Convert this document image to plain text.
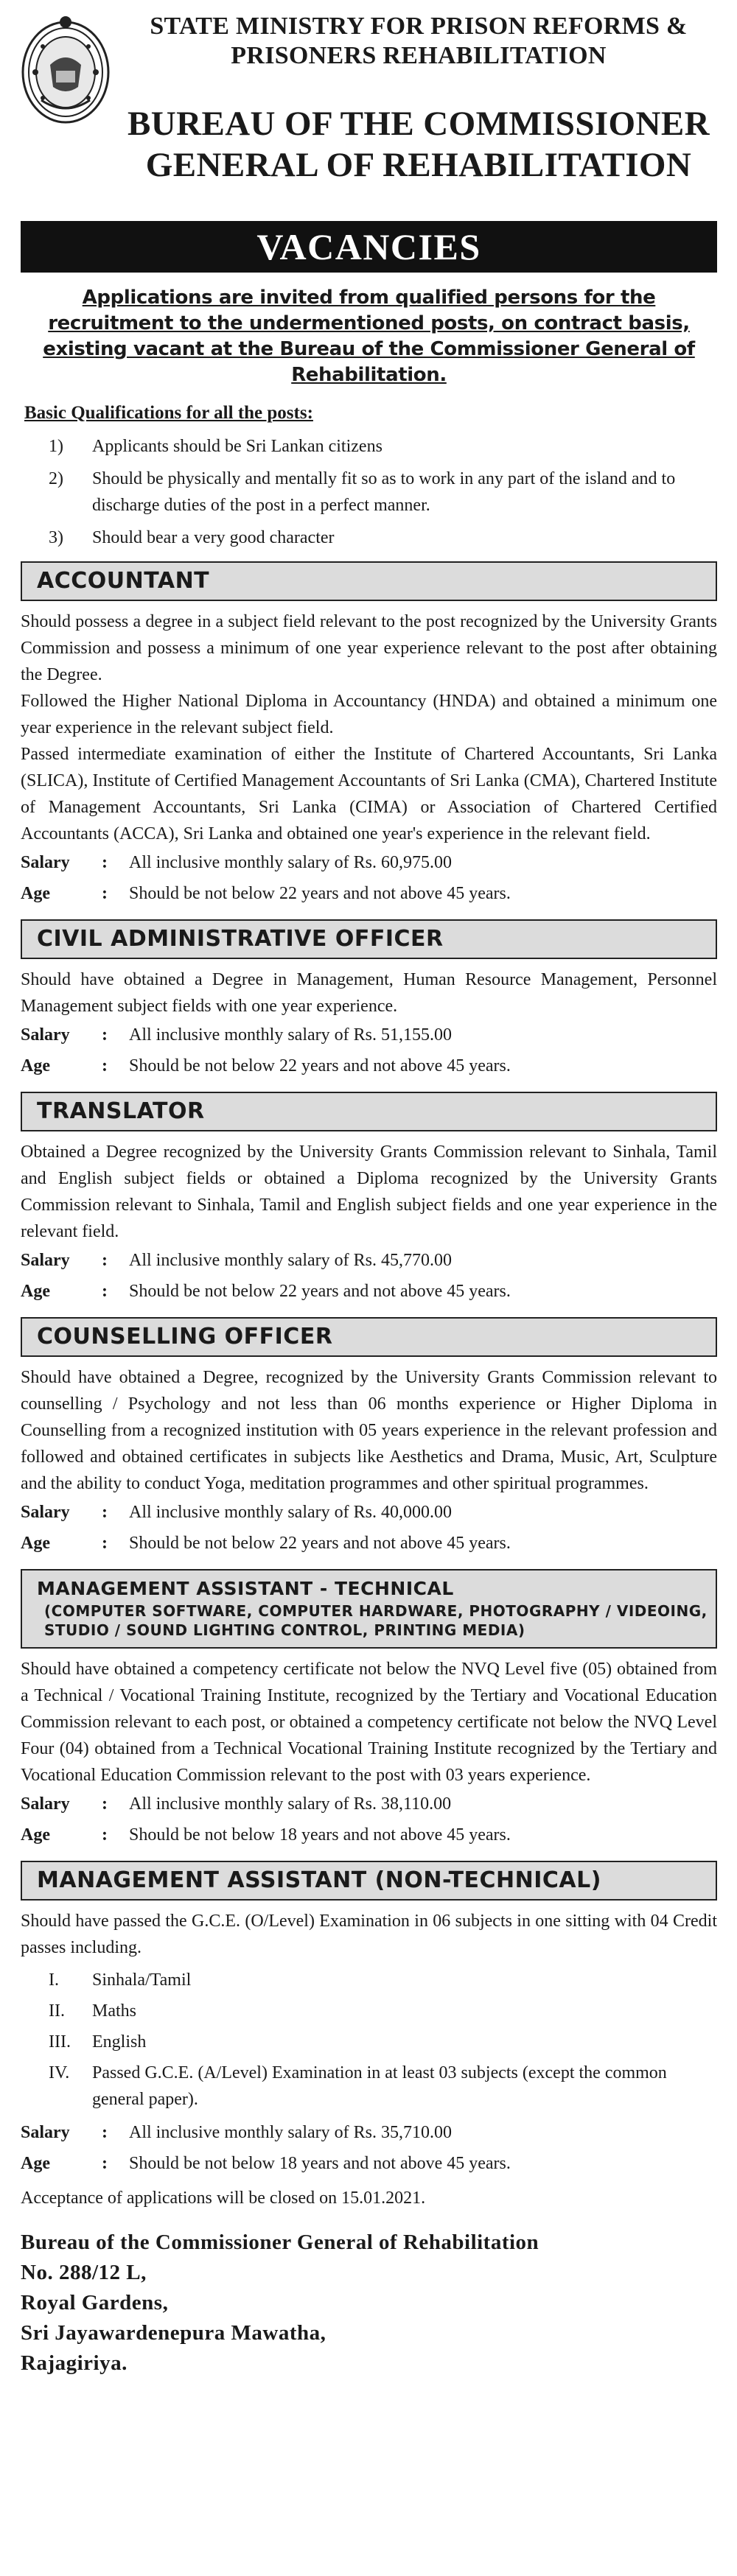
STATE MINISTRY FOR PRISON REFORMS &
PRISONERS REHABILITATION
BUREAU OF THE COMMISSIONER
GENERAL OF REHABILITATION
VACANCIES
Applications are invited from qualified persons for the recruitment to the undermentioned posts, on contract basis, existing vacant at the Bureau of the Commissioner General of Rehabilitation.
Basic Qualifications for all the posts:
1) Applicants should be Sri Lankan citizens
2) Should be physically and mentally fit so as to work in any part of the island and to discharge duties of the post in a perfect manner.
3) Should bear a very good character
ACCOUNTANT
Should possess a degree in a subject field relevant to the post recognized by the University Grants Commission and possess a minimum of one year experience relevant to the post after obtaining the Degree.
Followed the Higher National Diploma in Accountancy (HNDA) and obtained a minimum one year experience in the relevant subject field.
Passed intermediate examination of either the Institute of Chartered Accountants, Sri Lanka (SLICA), Institute of Certified Management Accountants of Sri Lanka (CMA), Chartered Institute of Management Accountants, Sri Lanka (CIMA) or Association of Chartered Certified Accountants (ACCA), Sri Lanka and obtained one year's experience in the relevant field.
Salary : All inclusive monthly salary of Rs. 60,975.00
Age	: Should be not below 22 years and not above 45 years.
CIVIL ADMINISTRATIVE OFFICER
Should have obtained a Degree in Management, Human Resource Management, Personnel Management subject fields with one year experience.
Salary : All inclusive monthly salary of Rs. 51,155.00
Age	: Should be not below 22 years and not above 45 years.
TRANSLATOR
Obtained a Degree recognized by the University Grants Commission relevant to Sinhala, Tamil and English subject fields or obtained a Diploma recognized by the University Grants Commission relevant to Sinhala, Tamil and English subject fields and one year experience in the relevant field.
Salary : All inclusive monthly salary of Rs. 45,770.00
Age	: Should be not below 22 years and not above 45 years.
COUNSELLING OFFICER
Should have obtained a Degree, recognized by the University Grants Commission relevant to counselling / Psychology and not less than 06 months experience or Higher Diploma in Counselling from a recognized institution with 05 years experience in the relevant profession and followed and obtained certificates in subjects like Aesthetics and Drama, Music, Art, Sculpture and the ability to conduct Yoga, meditation programmes and other spiritual programmes.
Salary : All inclusive monthly salary of Rs. 40,000.00
Age	: Should be not below 22 years and not above 45 years.
MANAGEMENT ASSISTANT - TECHNICAL
(COMPUTER SOFTWARE, COMPUTER HARDWARE, PHOTOGRAPHY / VIDEOING, STUDIO / SOUND LIGHTING CONTROL, PRINTING MEDIA)
Should have obtained a competency certificate not below the NVQ Level five (05) obtained from a Technical / Vocational Training Institute, recognized by the Tertiary and Vocational Education Commission relevant to each post, or obtained a competency certificate not below the NVQ Level Four (04) obtained from a Technical Vocational Training Institute recognized by the Tertiary and Vocational Education Commission relevant to the post with 03 years experience.
Salary : All inclusive monthly salary of Rs. 38,110.00
Age	: Should be not below 18 years and not above 45 years.
MANAGEMENT ASSISTANT (NON-TECHNICAL)
Should have passed the G.C.E. (O/Level) Examination in 06 subjects in one sitting with 04 Credit passes including.
I. Sinhala/Tamil
II. Maths
III. English
IV. Passed G.C.E. (A/Level) Examination in at least 03 subjects (except the common general paper).
Salary : All inclusive monthly salary of Rs. 35,710.00
Age	: Should be not below 18 years and not above 45 years.
Acceptance of applications will be closed on 15.01.2021.
Bureau of the Commissioner General of Rehabilitation
No. 288/12 L,
Royal Gardens,
Sri Jayawardenepura Mawatha,
Rajagiriya.
